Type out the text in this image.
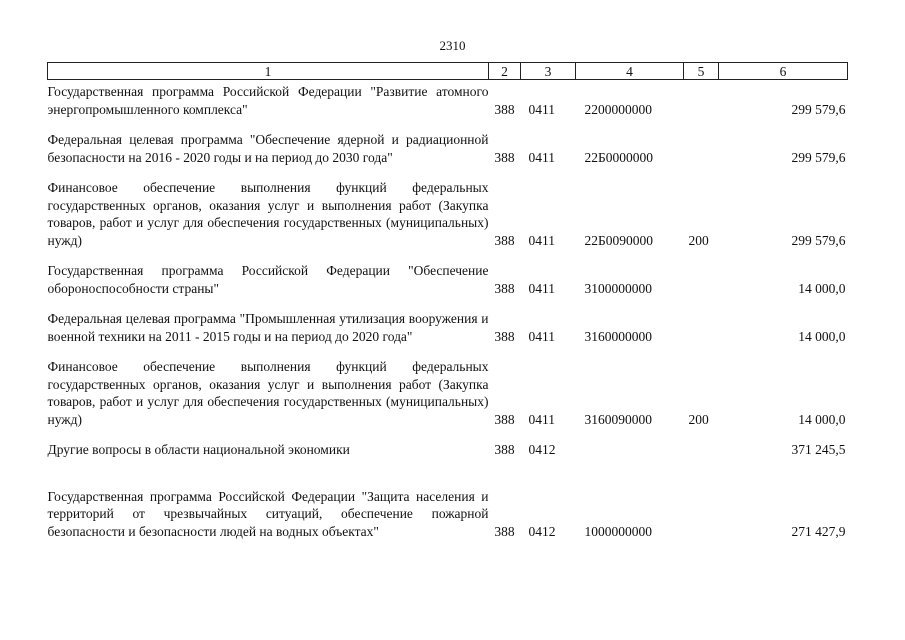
2310
1	2	3	4	5	6
Государственная программа Российской Федерации "Развитие атомного энергопромышленного комплекса"	388	0411	2200000000		299 579,6

Федеральная целевая программа "Обеспечение ядерной и радиационной безопасности на 2016 - 2020 годы и на период до 2030 года"	388	0411	22Б0000000		299 579,6

Финансовое обеспечение выполнения функций федеральных государственных органов, оказания услуг и выполнения работ (Закупка товаров, работ и услуг для обеспечения государственных (муниципальных) нужд)	388	0411	22Б0090000	200	299 579,6

Государственная программа Российской Федерации "Обеспечение обороноспособности страны"	388	0411	3100000000		14 000,0

Федеральная целевая программа "Промышленная утилизация вооружения и военной техники на 2011 - 2015 годы и на период до 2020 года"	388	0411	3160000000		14 000,0

Финансовое обеспечение выполнения функций федеральных государственных органов, оказания услуг и выполнения работ (Закупка товаров, работ и услуг для обеспечения государственных (муниципальных) нужд)	388	0411	3160090000	200	14 000,0

Другие вопросы в области национальной экономики	388	0412			371 245,5

Государственная программа Российской Федерации "Защита населения и территорий от чрезвычайных ситуаций, обеспечение пожарной безопасности и безопасности людей на водных объектах"	388	0412	1000000000		271 427,9
